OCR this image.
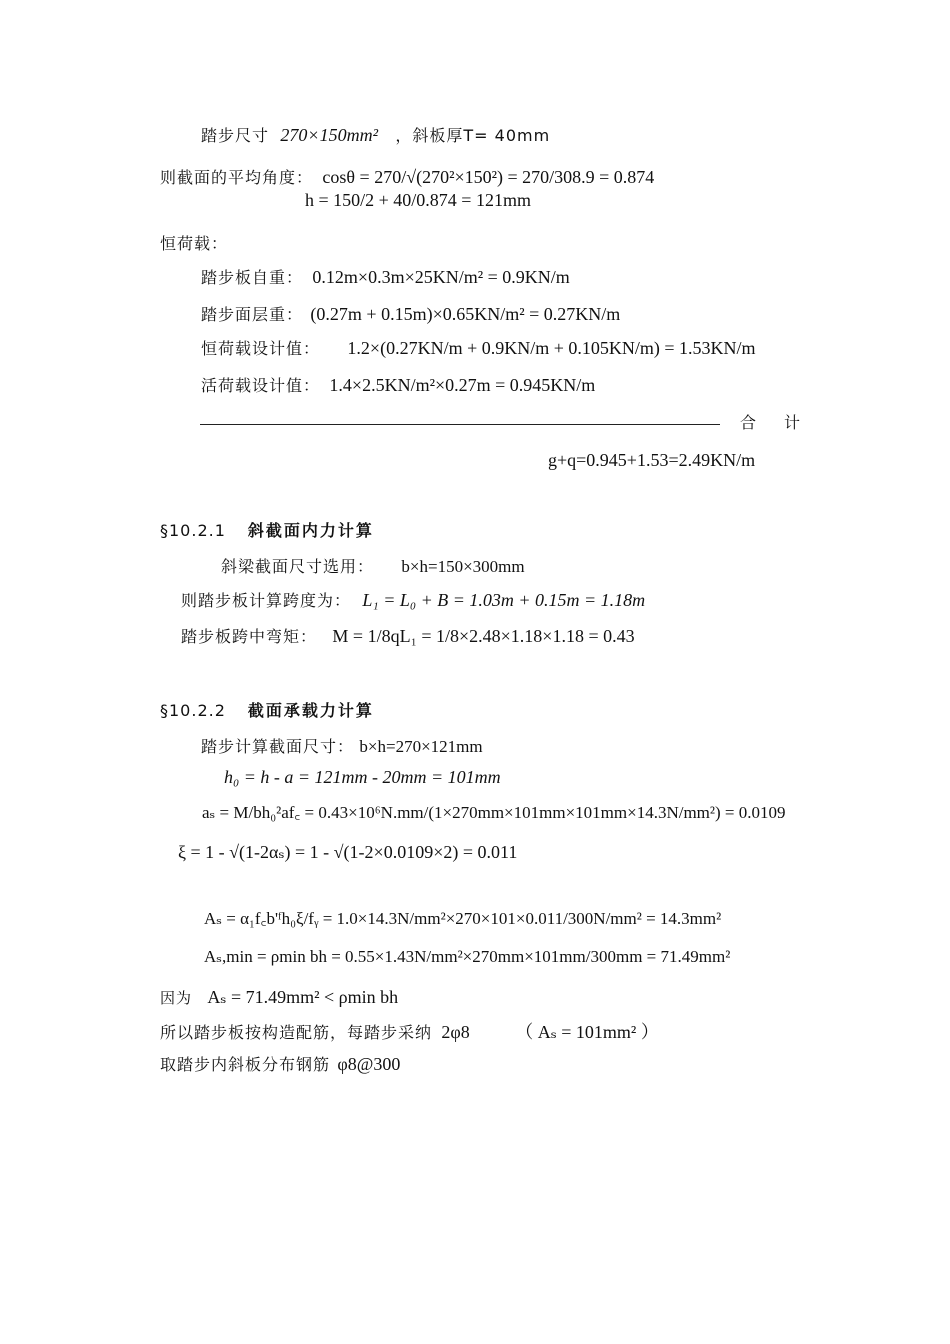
踏步尺寸 270×150mm² ，斜板厚T= 40mm
则截面的平均角度： cosθ = 270/√(270²×150²) = 270/308.9 = 0.874
h = 150/2 + 40/0.874 = 121mm
恒荷载：
踏步板自重： 0.12m×0.3m×25KN/m² = 0.9KN/m
踏步面层重： (0.27m + 0.15m)×0.65KN/m² = 0.27KN/m
恒荷载设计值： 1.2×(0.27KN/m + 0.9KN/m + 0.105KN/m) = 1.53KN/m
活荷载设计值： 1.4×2.5KN/m²×0.27m = 0.945KN/m
合　计
g+q=0.945+1.53=2.49KN/m
§10.2.1 斜截面内力计算
斜梁截面尺寸选用： b×h=150×300mm
则踏步板计算跨度为： L₁ = L₀ + B = 1.03m + 0.15m = 1.18m
踏步板跨中弯矩： M = 1/8qL₁ = 1/8×2.48×1.18×1.18 = 0.43
§10.2.2 截面承载力计算
踏步计算截面尺寸： b×h=270×121mm
h₀ = h - a = 121mm - 20mm = 101mm
aₛ = M/bh₀²af꜀ = 0.43×10⁶N.mm/(1×270mm×101mm×101mm×14.3N/mm²) = 0.0109
ξ = 1 - √(1-2αₛ) = 1 - √(1-2×0.0109×2) = 0.011
Aₛ = α₁f꜀b'ᶠh₀ξ/fᵧ = 1.0×14.3N/mm²×270×101×0.011/300N/mm² = 14.3mm²
Aₛ,min = ρmin bh = 0.55×1.43N/mm²×270mm×101mm/300mm = 71.49mm²
因为 Aₛ = 71.49mm² < ρmin bh
所以踏步板按构造配筋，每踏步采纳 2φ8	（ Aₛ = 101mm² ）
取踏步内斜板分布钢筋 φ8@300
